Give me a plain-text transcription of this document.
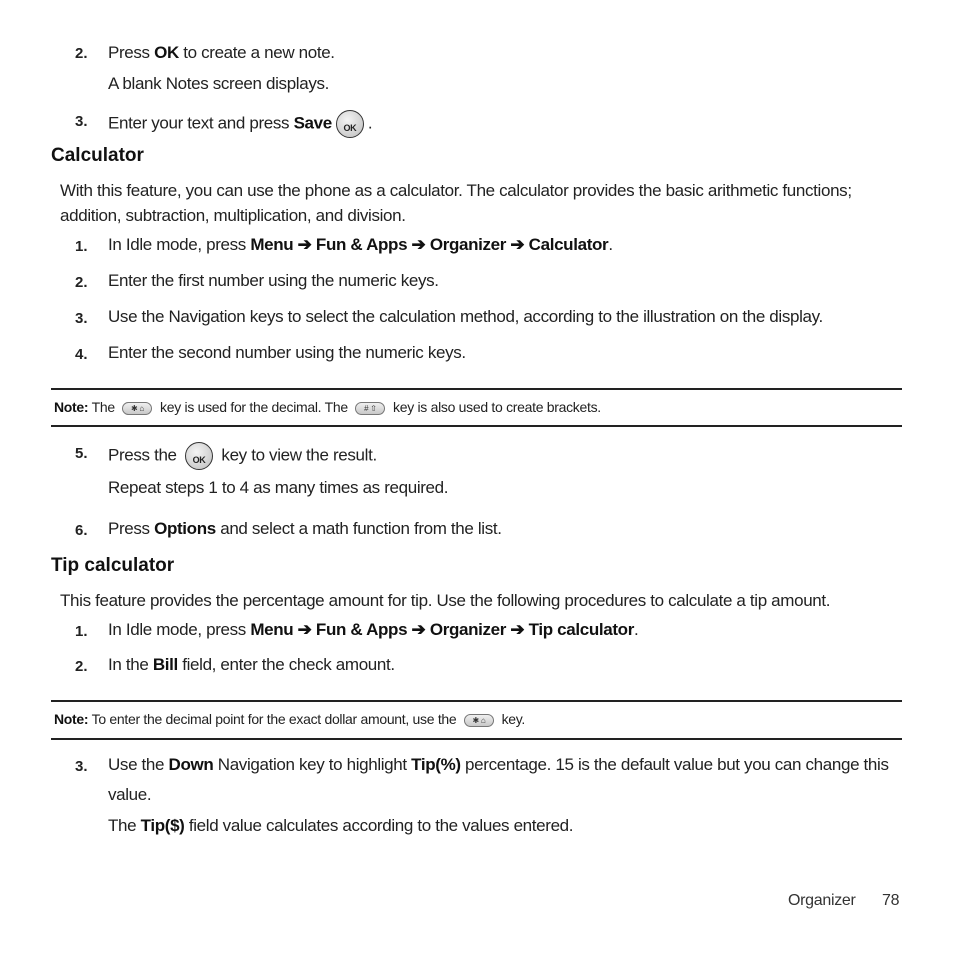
2. Press OK to create a new note.
A blank Notes screen displays.
3. Enter your text and press SaveOK .
Calculator
With this feature, you can use the phone as a calculator. The calculator provides the basic arithmetic functions; addition, subtraction, multiplication, and division.
1. In Idle mode, press Menu ➔ Fun & Apps ➔ Organizer ➔ Calculator.
2. Enter the first number using the numeric keys.
3. Use the Navigation keys to select the calculation method, according to the illustration on the display.
4. Enter the second number using the numeric keys.
Note: The ✱ ⌂ key is used for the decimal. The # ⇧ key is also used to create brackets.
5. Press the OK key to view the result.
Repeat steps 1 to 4 as many times as required.
6. Press Options and select a math function from the list.
Tip calculator
This feature provides the percentage amount for tip. Use the following procedures to calculate a tip amount.
1. In Idle mode, press Menu ➔ Fun & Apps ➔ Organizer ➔ Tip calculator.
2. In the Bill field, enter the check amount.
Note: To enter the decimal point for the exact dollar amount, use the ✱ ⌂ key.
3. Use the Down Navigation key to highlight Tip(%) percentage. 15 is the default value but you can change this
value.
The Tip($) field value calculates according to the values entered.
Organizer 78
